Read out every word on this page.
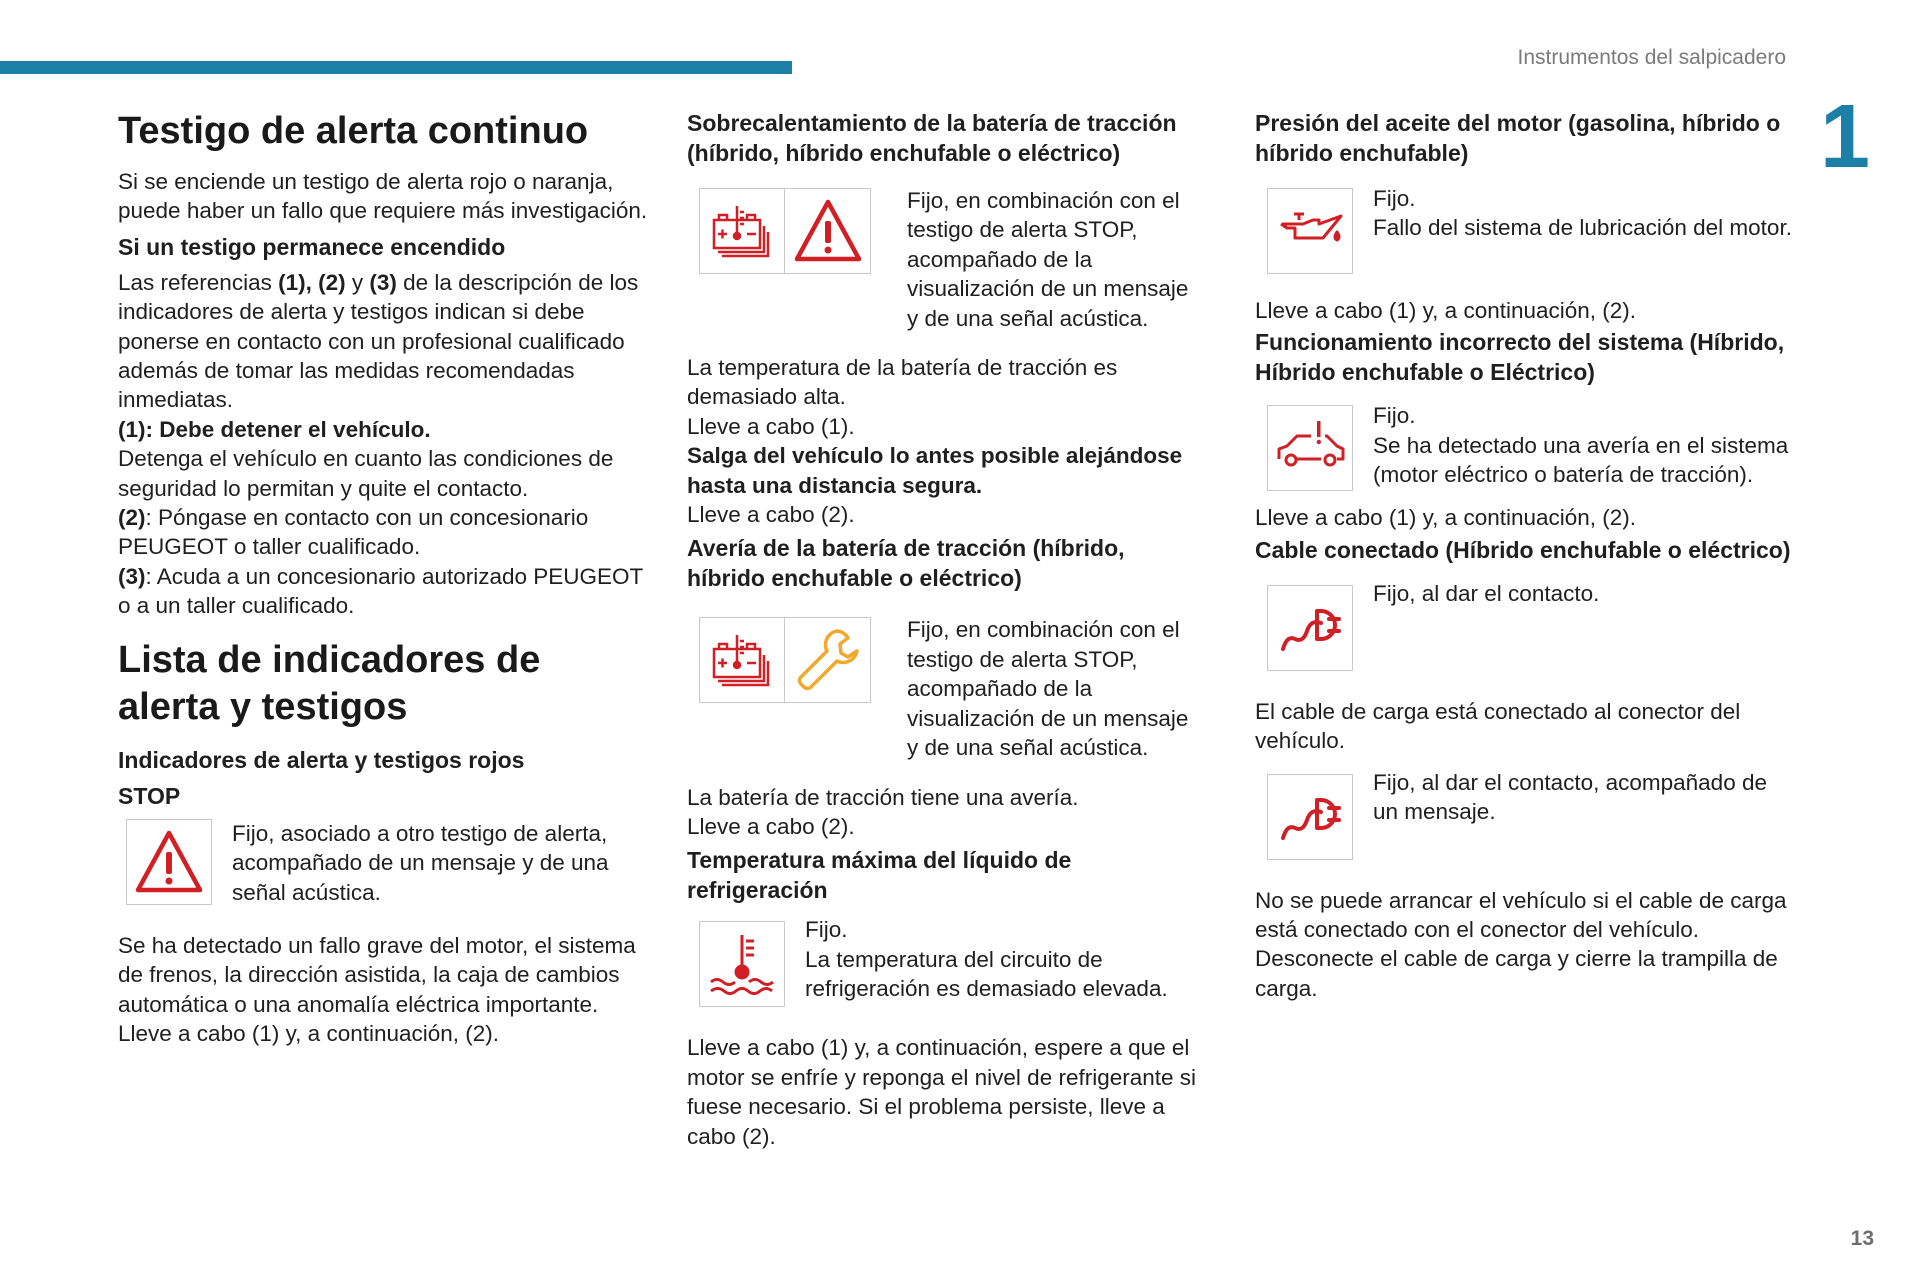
Instrumentos del salpicadero
1
13
Testigo de alerta continuo

Si se enciende un testigo de alerta rojo o naranja, puede haber un fallo que requiere más investigación.

Si un testigo permanece encendido

Las referencias (1), (2) y (3) de la descripción de los indicadores de alerta y testigos indican si debe ponerse en contacto con un profesional cualificado además de tomar las medidas recomendadas inmediatas.

(1): Debe detener el vehículo.

Detenga el vehículo en cuanto las condiciones de seguridad lo permitan y quite el contacto.

(2): Póngase en contacto con un concesionario PEUGEOT o taller cualificado.

(3): Acuda a un concesionario autorizado PEUGEOT o a un taller cualificado.

Lista de indicadores de alerta y testigos

Indicadores de alerta y testigos rojos

STOP

Fijo, asociado a otro testigo de alerta, acompañado de un mensaje y de una señal acústica.

Se ha detectado un fallo grave del motor, el sistema de frenos, la dirección asistida, la caja de cambios automática o una anomalía eléctrica importante.

Lleve a cabo (1) y, a continuación, (2).

Sobrecalentamiento de la batería de tracción (híbrido, híbrido enchufable o eléctrico)

Fijo, en combinación con el testigo de alerta STOP, acompañado de la visualización de un mensaje y de una señal acústica.

La temperatura de la batería de tracción es demasiado alta.

Lleve a cabo (1).

Salga del vehículo lo antes posible alejándose hasta una distancia segura.

Lleve a cabo (2).

Avería de la batería de tracción (híbrido, híbrido enchufable o eléctrico)

Fijo, en combinación con el testigo de alerta STOP, acompañado de la visualización de un mensaje y de una señal acústica.

La batería de tracción tiene una avería.

Lleve a cabo (2).

Temperatura máxima del líquido de refrigeración

Fijo.

La temperatura del circuito de refrigeración es demasiado elevada.

Lleve a cabo (1) y, a continuación, espere a que el motor se enfríe y reponga el nivel de refrigerante si fuese necesario. Si el problema persiste, lleve a cabo (2).

Presión del aceite del motor (gasolina, híbrido o híbrido enchufable)

Fijo.

Fallo del sistema de lubricación del motor.

Lleve a cabo (1) y, a continuación, (2).

Funcionamiento incorrecto del sistema (Híbrido, Híbrido enchufable o Eléctrico)

Fijo.

Se ha detectado una avería en el sistema (motor eléctrico o batería de tracción).

Lleve a cabo (1) y, a continuación, (2).

Cable conectado (Híbrido enchufable o eléctrico)

Fijo, al dar el contacto.

El cable de carga está conectado al conector del vehículo.

Fijo, al dar el contacto, acompañado de un mensaje.

No se puede arrancar el vehículo si el cable de carga está conectado con el conector del vehículo.

Desconecte el cable de carga y cierre la trampilla de carga.
